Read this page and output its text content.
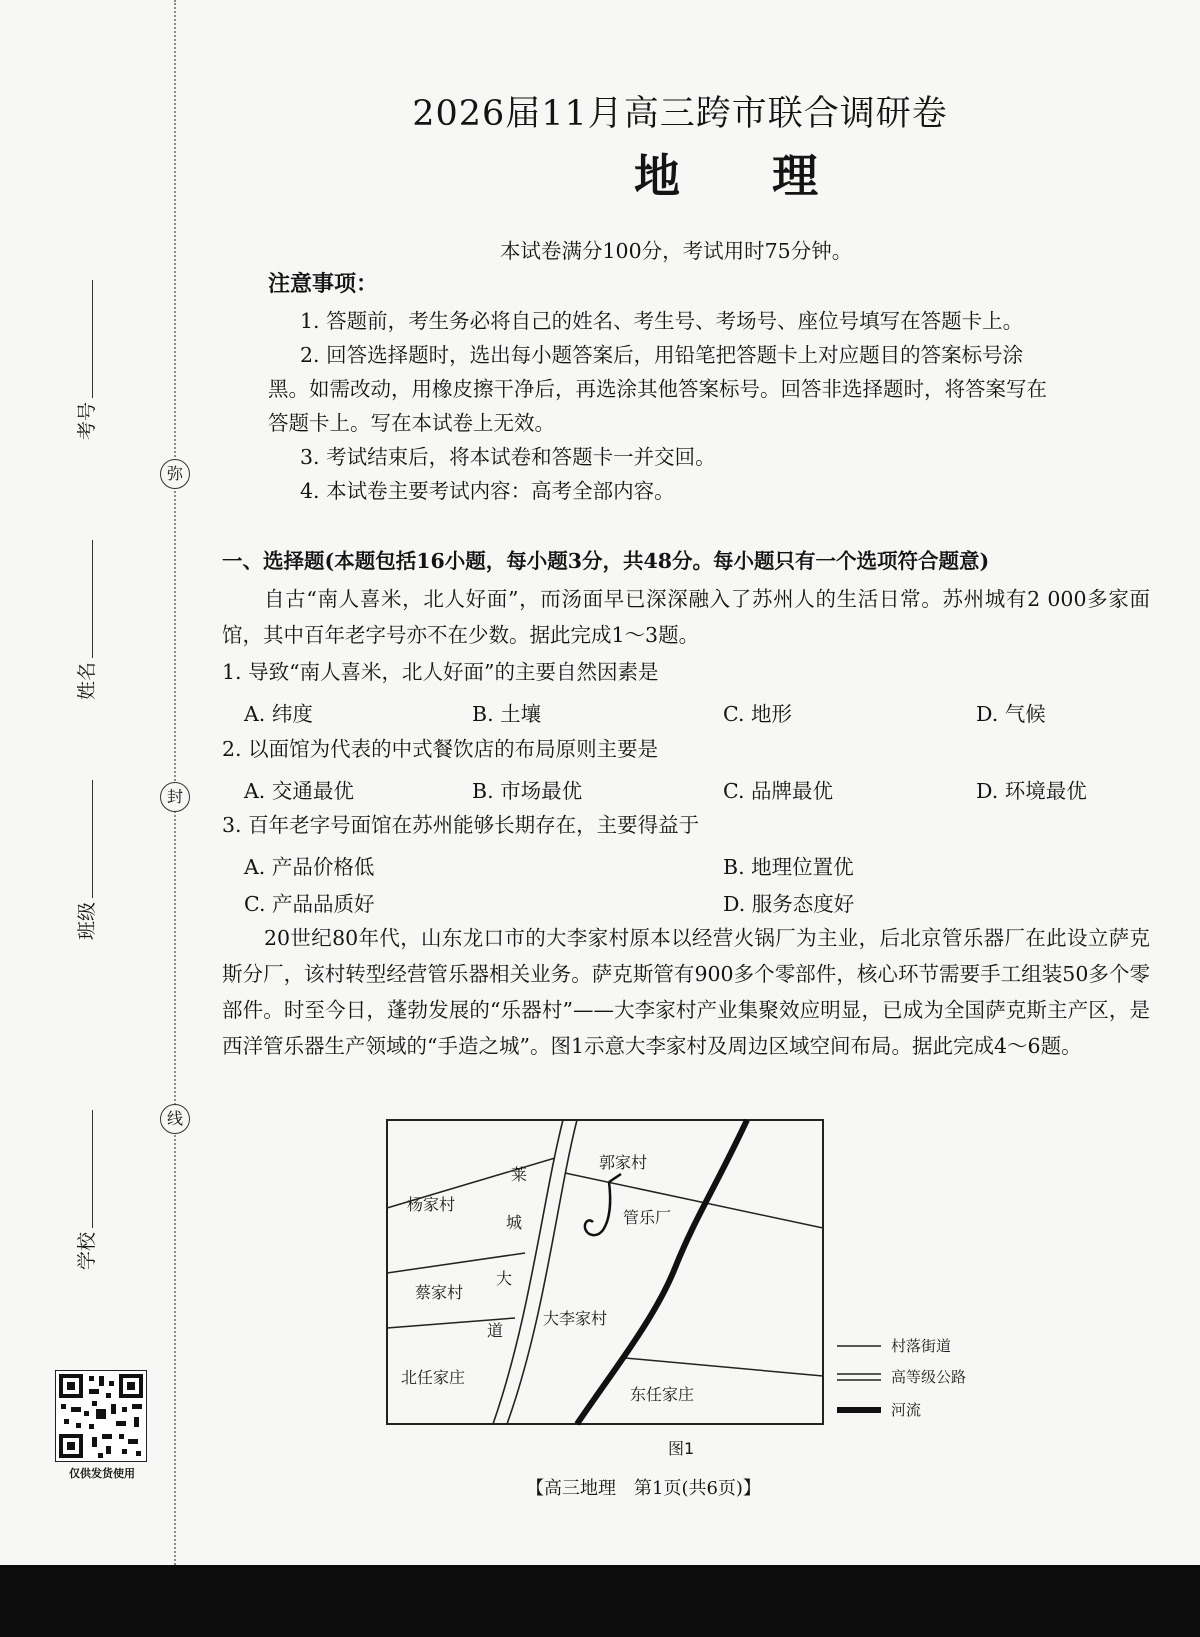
考号
姓名
班级
学校
弥
封
线
仅供发货使用
2026届11月高三跨市联合调研卷
地理
本试卷满分100分，考试用时75分钟。
注意事项：
1. 答题前，考生务必将自己的姓名、考生号、考场号、座位号填写在答题卡上。
2. 回答选择题时，选出每小题答案后，用铅笔把答题卡上对应题目的答案标号涂
黑。如需改动，用橡皮擦干净后，再选涂其他答案标号。回答非选择题时，将答案写在
答题卡上。写在本试卷上无效。
3. 考试结束后，将本试卷和答题卡一并交回。
4. 本试卷主要考试内容：高考全部内容。
一、选择题(本题包括16小题，每小题3分，共48分。每小题只有一个选项符合题意)
自古“南人喜米，北人好面”，而汤面早已深深融入了苏州人的生活日常。苏州城有2 000多家面馆，其中百年老字号亦不在少数。据此完成1～3题。
1. 导致“南人喜米，北人好面”的主要自然因素是
A. 纬度	B. 土壤	C. 地形	D. 气候
2. 以面馆为代表的中式餐饮店的布局原则主要是
A. 交通最优	B. 市场最优	C. 品牌最优	D. 环境最优
3. 百年老字号面馆在苏州能够长期存在，主要得益于
A. 产品价格低	B. 地理位置优
C. 产品品质好	D. 服务态度好
20世纪80年代，山东龙口市的大李家村原本以经营火锅厂为主业，后北京管乐器厂在此设立萨克斯分厂，该村转型经营管乐器相关业务。萨克斯管有900多个零部件，核心环节需要手工组装50多个零部件。时至今日，蓬勃发展的“乐器村”——大李家村产业集聚效应明显，已成为全国萨克斯主产区，是西洋管乐器生产领域的“手造之城”。图1示意大李家村及周边区域空间布局。据此完成4～6题。
郭家村
杨家村
管乐厂
蔡家村
大李家村
北任家庄
东任家庄
莱
城
大
道
村落街道
高等级公路
河流
图1
【高三地理　第1页(共6页)】
